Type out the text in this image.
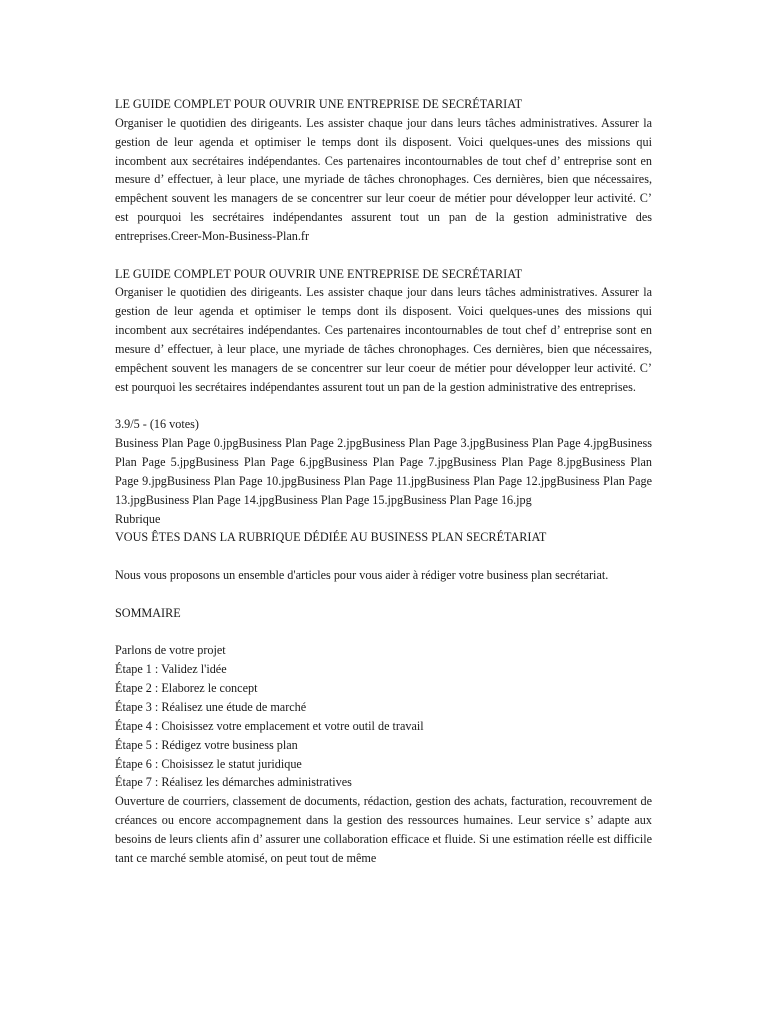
LE GUIDE COMPLET POUR OUVRIR UNE ENTREPRISE DE SECRÉTARIAT

Organiser le quotidien des dirigeants. Les assister chaque jour dans leurs tâches administratives. Assurer la gestion de leur agenda et optimiser le temps dont ils disposent. Voici quelques-unes des missions qui incombent aux secrétaires indépendantes. Ces partenaires incontournables de tout chef d’ entreprise sont en mesure d’ effectuer, à leur place, une myriade de tâches chronophages. Ces dernières, bien que nécessaires, empêchent souvent les managers de se concentrer sur leur coeur de métier pour développer leur activité. C’ est pourquoi les secrétaires indépendantes assurent tout un pan de la gestion administrative des entreprises.Creer-Mon-Business-Plan.fr

LE GUIDE COMPLET POUR OUVRIR UNE ENTREPRISE DE SECRÉTARIAT

Organiser le quotidien des dirigeants. Les assister chaque jour dans leurs tâches administratives. Assurer la gestion de leur agenda et optimiser le temps dont ils disposent. Voici quelques-unes des missions qui incombent aux secrétaires indépendantes. Ces partenaires incontournables de tout chef d’ entreprise sont en mesure d’ effectuer, à leur place, une myriade de tâches chronophages. Ces dernières, bien que nécessaires, empêchent souvent les managers de se concentrer sur leur coeur de métier pour développer leur activité. C’ est pourquoi les secrétaires indépendantes assurent tout un pan de la gestion administrative des entreprises.

3.9/5 - (16 votes)

Business Plan Page 0.jpgBusiness Plan Page 2.jpgBusiness Plan Page 3.jpgBusiness Plan Page 4.jpgBusiness Plan Page 5.jpgBusiness Plan Page 6.jpgBusiness Plan Page 7.jpgBusiness Plan Page 8.jpgBusiness Plan Page 9.jpgBusiness Plan Page 10.jpgBusiness Plan Page 11.jpgBusiness Plan Page 12.jpgBusiness Plan Page 13.jpgBusiness Plan Page 14.jpgBusiness Plan Page 15.jpgBusiness Plan Page 16.jpg

Rubrique

VOUS ÊTES DANS LA RUBRIQUE DÉDIÉE AU BUSINESS PLAN SECRÉTARIAT

Nous vous proposons un ensemble d'articles pour vous aider à rédiger votre business plan secrétariat.

SOMMAIRE

Parlons de votre projet
Étape 1 : Validez l'idée
Étape 2 : Elaborez le concept
Étape 3 : Réalisez une étude de marché
Étape 4 : Choisissez votre emplacement et votre outil de travail
Étape 5 : Rédigez votre business plan
Étape 6 : Choisissez le statut juridique
Étape 7 : Réalisez les démarches administratives

Ouverture de courriers, classement de documents, rédaction, gestion des achats, facturation, recouvrement de créances ou encore accompagnement dans la gestion des ressources humaines. Leur service s’ adapte aux besoins de leurs clients afin d’ assurer une collaboration efficace et fluide. Si une estimation réelle est difficile tant ce marché semble atomisé, on peut tout de même
